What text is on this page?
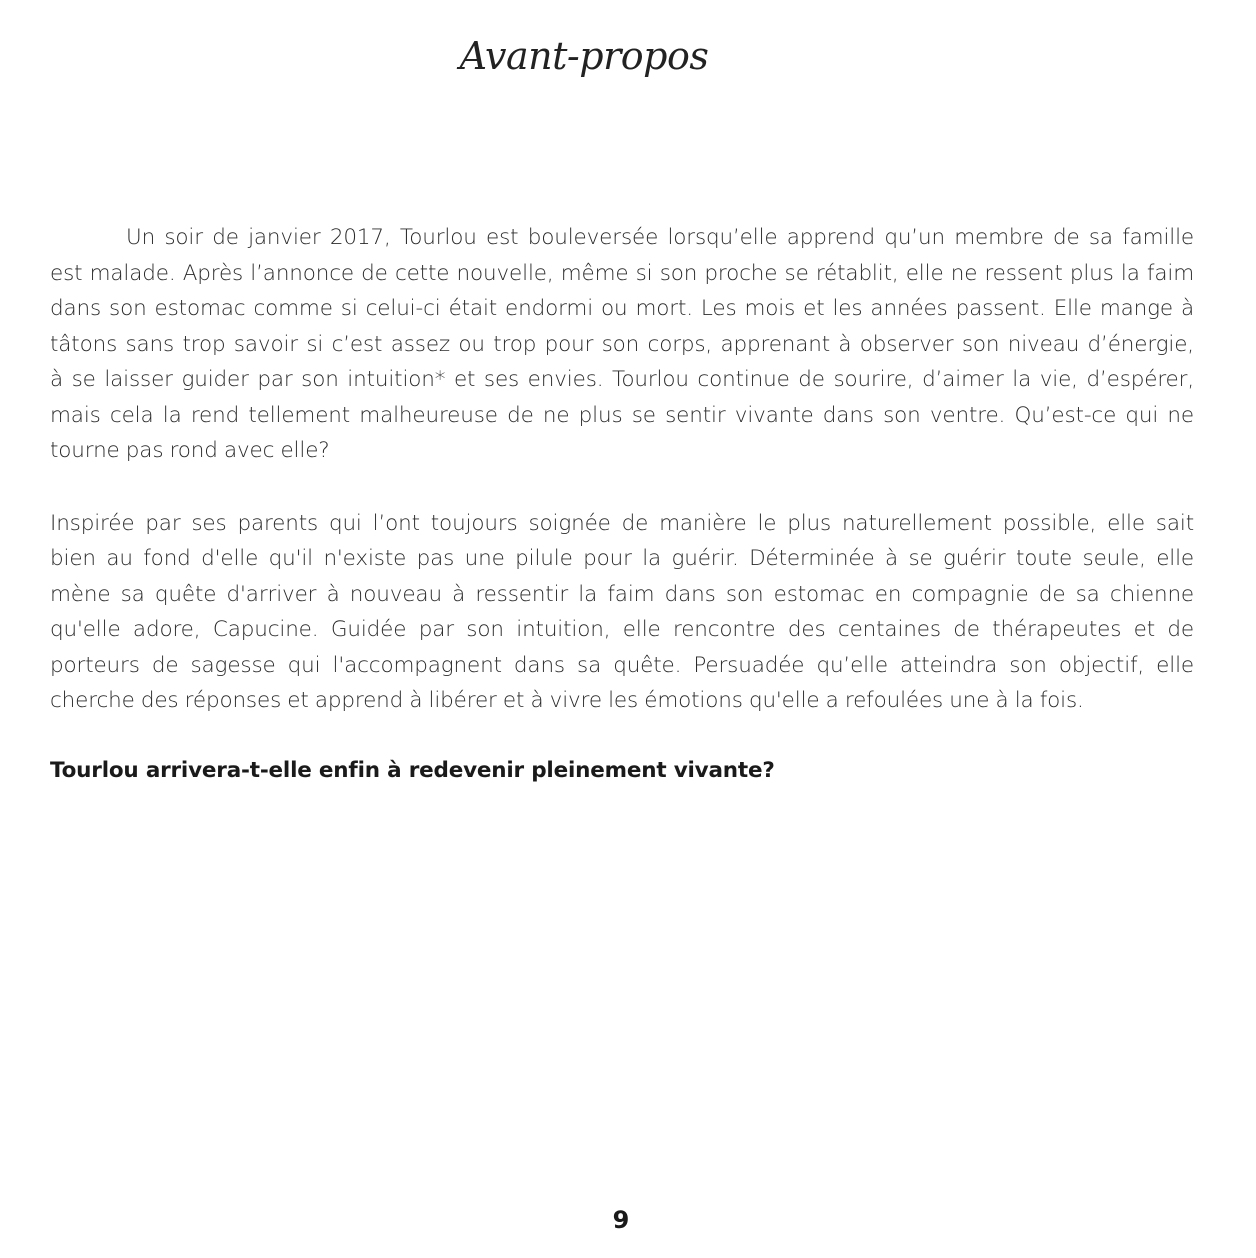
Avant-propos

Un soir de janvier 2017, Tourlou est bouleversée lorsqu’elle apprend qu’un membre de sa famille
est malade. Après l’annonce de cette nouvelle, même si son proche se rétablit, elle ne ressent plus la faim
dans son estomac comme si celui-ci était endormi ou mort. Les mois et les années passent. Elle mange à
tâtons sans trop savoir si c’est assez ou trop pour son corps, apprenant à observer son niveau d’énergie,
à se laisser guider par son intuition* et ses envies. Tourlou continue de sourire, d’aimer la vie, d’espérer,
mais cela la rend tellement malheureuse de ne plus se sentir vivante dans son ventre. Qu’est-ce qui ne
tourne pas rond avec elle?

Inspirée par ses parents qui l’ont toujours soignée de manière le plus naturellement possible, elle sait
bien au fond d'elle qu'il n'existe pas une pilule pour la guérir. Déterminée à se guérir toute seule, elle
mène sa quête d'arriver à nouveau à ressentir la faim dans son estomac en compagnie de sa chienne
qu'elle adore, Capucine. Guidée par son intuition, elle rencontre des centaines de thérapeutes et de
porteurs de sagesse qui l'accompagnent dans sa quête. Persuadée qu’elle atteindra son objectif, elle
cherche des réponses et apprend à libérer et à vivre les émotions qu'elle a refoulées une à la fois.

Tourlou arrivera-t-elle enfin à redevenir pleinement vivante?
9
